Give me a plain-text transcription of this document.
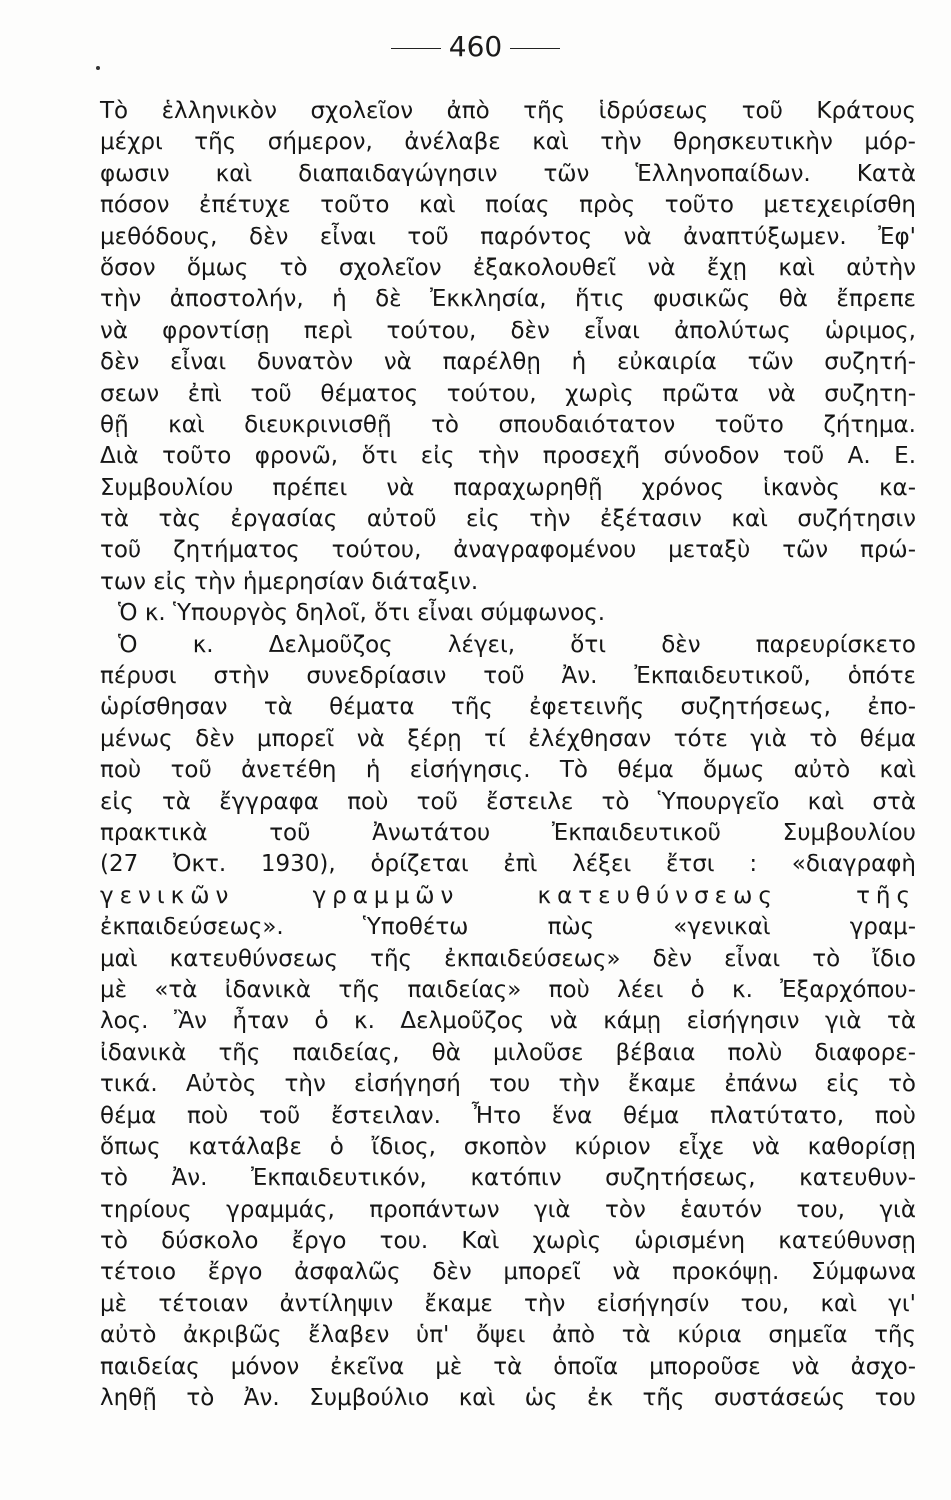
460
Τὸ ἑλληνικὸν σχολεῖον ἀπὸ τῆς ἱδρύσεως τοῦ Κράτους
μέχρι τῆς σήμερον, ἀνέλαβε καὶ τὴν θρησκευτικὴν μόρ-
φωσιν καὶ διαπαιδαγώγησιν τῶν Ἑλληνοπαίδων. Κατὰ
πόσον ἐπέτυχε τοῦτο καὶ ποίας πρὸς τοῦτο μετεχειρίσθη
μεθόδους, δὲν εἶναι τοῦ παρόντος νὰ ἀναπτύξωμεν. Ἐφ'
ὅσον ὅμως τὸ σχολεῖον ἐξακολουθεῖ νὰ ἔχῃ καὶ αὐτὴν
τὴν ἀποστολήν, ἡ δὲ Ἐκκλησία, ἥτις φυσικῶς θὰ ἔπρεπε
νὰ φροντίσῃ περὶ τούτου, δὲν εἶναι ἀπολύτως ὡριμος,
δὲν εἶναι δυνατὸν νὰ παρέλθῃ ἡ εὐκαιρία τῶν συζητή-
σεων ἐπὶ τοῦ θέματος τούτου, χωρὶς πρῶτα νὰ συζητη-
θῇ καὶ διευκρινισθῇ τὸ σπουδαιότατον τοῦτο ζήτημα.
Διὰ τοῦτο φρονῶ, ὅτι εἰς τὴν προσεχῆ σύνοδον τοῦ Α. Ε.
Συμβουλίου πρέπει νὰ παραχωρηθῇ χρόνος ἱκανὸς κα-
τὰ τὰς ἐργασίας αὐτοῦ εἰς τὴν ἐξέτασιν καὶ συζήτησιν
τοῦ ζητήματος τούτου, ἀναγραφομένου μεταξὺ τῶν πρώ-
των εἰς τὴν ἡμερησίαν διάταξιν.
Ὁ κ. Ὑπουργὸς δηλοῖ, ὅτι εἶναι σύμφωνος.
Ὁ κ. Δελμοῦζος λέγει, ὅτι δὲν παρευρίσκετο
πέρυσι στὴν συνεδρίασιν τοῦ Ἀν. Ἐκπαιδευτικοῦ, ὁπότε
ὡρίσθησαν τὰ θέματα τῆς ἐφετεινῆς συζητήσεως, ἐπο-
μένως δὲν μπορεῖ νὰ ξέρῃ τί ἐλέχθησαν τότε γιὰ τὸ θέμα
ποὺ τοῦ ἀνετέθη ἡ εἰσήγησις. Τὸ θέμα ὅμως αὐτὸ καὶ
εἰς τὰ ἔγγραφα ποὺ τοῦ ἔστειλε τὸ Ὑπουργεῖο καὶ στὰ
πρακτικὰ τοῦ Ἀνωτάτου Ἐκπαιδευτικοῦ Συμβουλίου
(27 Ὀκτ. 1930), ὁρίζεται ἐπὶ λέξει ἔτσι : «διαγραφὴ
γενικῶν γραμμῶν κατευθύνσεως τῆς
ἐκπαιδεύσεως». Ὑποθέτω πὼς «γενικαὶ γραμ-
μαὶ κατευθύνσεως τῆς ἐκπαιδεύσεως» δὲν εἶναι τὸ ἴδιο
μὲ «τὰ ἰδανικὰ τῆς παιδείας» ποὺ λέει ὁ κ. Ἐξαρχόπου-
λος. Ἂν ἦταν ὁ κ. Δελμοῦζος νὰ κάμῃ εἰσήγησιν γιὰ τὰ
ἰδανικὰ τῆς παιδείας, θὰ μιλοῦσε βέβαια πολὺ διαφορε-
τικά. Αὐτὸς τὴν εἰσήγησή του τὴν ἔκαμε ἐπάνω εἰς τὸ
θέμα ποὺ τοῦ ἔστειλαν. Ἦτο ἕνα θέμα πλατύτατο, ποὺ
ὅπως κατάλαβε ὁ ἴδιος, σκοπὸν κύριον εἶχε νὰ καθορίσῃ
τὸ Ἀν. Ἐκπαιδευτικόν, κατόπιν συζητήσεως, κατευθυν-
τηρίους γραμμάς, προπάντων γιὰ τὸν ἑαυτόν του, γιὰ
τὸ δύσκολο ἔργο του. Καὶ χωρὶς ὡρισμένη κατεύθυνσῃ
τέτοιο ἔργο ἀσφαλῶς δὲν μπορεῖ νὰ προκόψῃ. Σύμφωνα
μὲ τέτοιαν ἀντίληψιν ἔκαμε τὴν εἰσήγησίν του, καὶ γι'
αὐτὸ ἀκριβῶς ἔλαβεν ὑπ' ὄψει ἀπὸ τὰ κύρια σημεῖα τῆς
παιδείας μόνον ἐκεῖνα μὲ τὰ ὁποῖα μποροῦσε νὰ ἀσχο-
ληθῇ τὸ Ἀν. Συμβούλιο καὶ ὡς ἐκ τῆς συστάσεώς του
